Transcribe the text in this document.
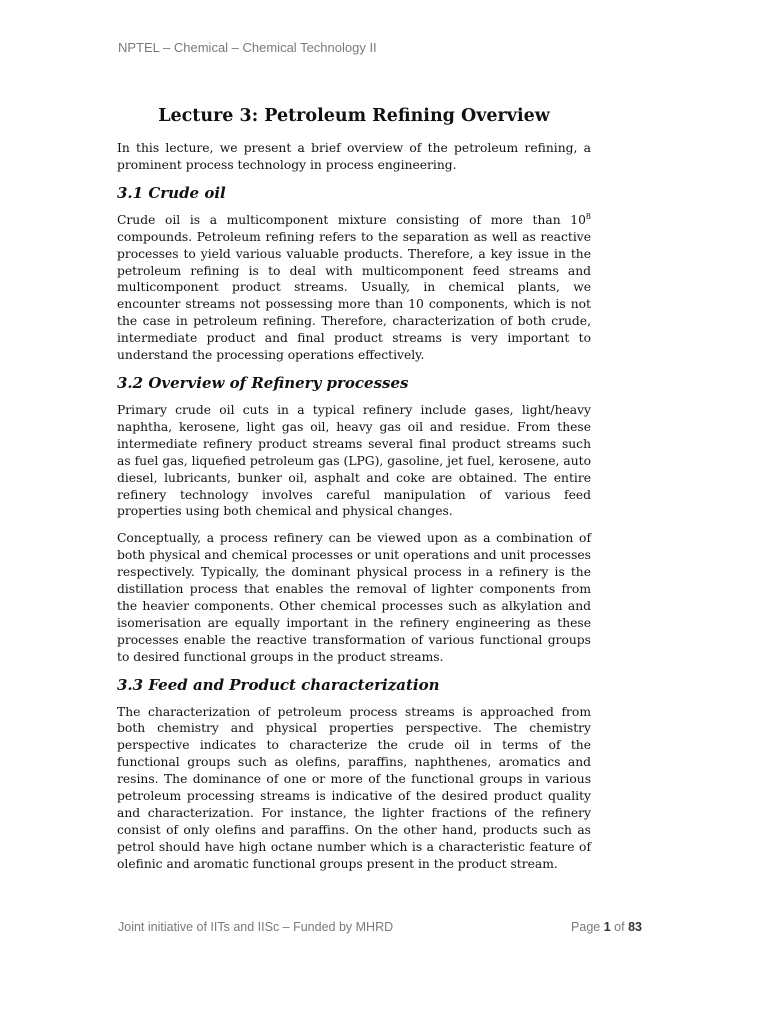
NPTEL – Chemical – Chemical Technology II
Lecture 3: Petroleum Refining Overview

In this lecture, we present a brief overview of the petroleum refining, a prominent process technology in process engineering.

3.1 Crude oil

Crude oil is a multicomponent mixture consisting of more than $10^8$ compounds. Petroleum refining refers to the separation as well as reactive processes to yield various valuable products. Therefore, a key issue in the petroleum refining is to deal with multicomponent feed streams and multicomponent product streams. Usually, in chemical plants, we encounter streams not possessing more than 10 components, which is not the case in petroleum refining. Therefore, characterization of both crude, intermediate product and final product streams is very important to understand the processing operations effectively.

3.2 Overview of Refinery processes

Primary crude oil cuts in a typical refinery include gases, light/heavy naphtha, kerosene, light gas oil, heavy gas oil and residue. From these intermediate refinery product streams several final product streams such as fuel gas, liquefied petroleum gas (LPG), gasoline, jet fuel, kerosene, auto diesel, lubricants, bunker oil, asphalt and coke are obtained. The entire refinery technology involves careful manipulation of various feed properties using both chemical and physical changes.

Conceptually, a process refinery can be viewed upon as a combination of both physical and chemical processes or unit operations and unit processes respectively. Typically, the dominant physical process in a refinery is the distillation process that enables the removal of lighter components from the heavier components. Other chemical processes such as alkylation and isomerisation are equally important in the refinery engineering as these processes enable the reactive transformation of various functional groups to desired functional groups in the product streams.

3.3 Feed and Product characterization

The characterization of petroleum process streams is approached from both chemistry and physical properties perspective. The chemistry perspective indicates to characterize the crude oil in terms of the functional groups such as olefins, paraffins, naphthenes, aromatics and resins. The dominance of one or more of the functional groups in various petroleum processing streams is indicative of the desired product quality and characterization. For instance, the lighter fractions of the refinery consist of only olefins and paraffins. On the other hand, products such as petrol should have high octane number which is a characteristic feature of olefinic and aromatic functional groups present in the product stream.

Joint initiative of IITs and IISc – Funded by MHRD	Page 1 of 83
